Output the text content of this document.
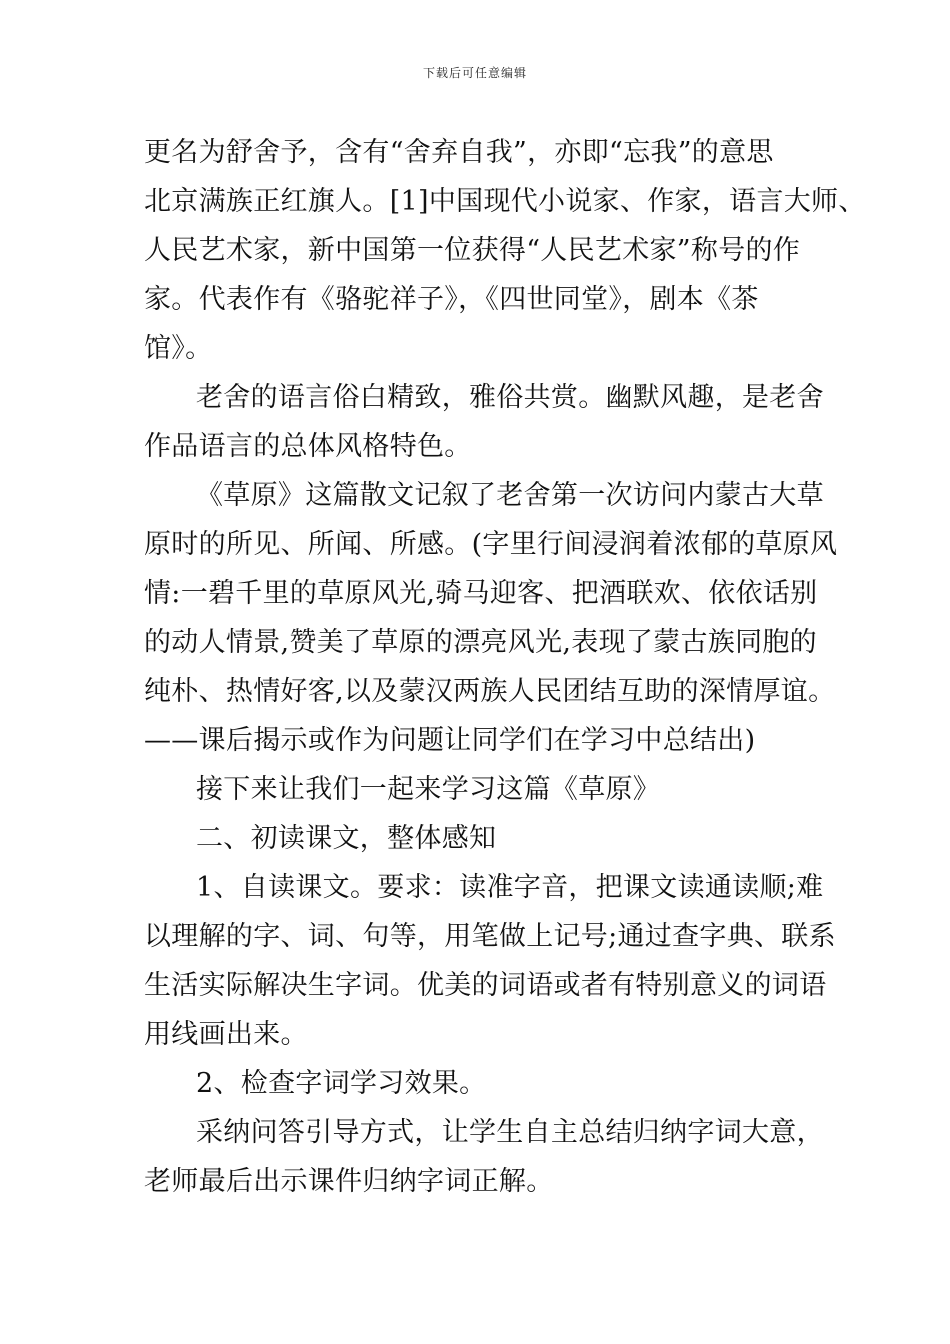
下载后可任意编辑
更名为舒舍予，含有“舍弃自我”，亦即“忘我”的意思
北京满族正红旗人。[1]中国现代小说家、作家，语言大师、
人民艺术家，新中国第一位获得“人民艺术家”称号的作
家。代表作有《骆驼祥子》，《四世同堂》，剧本《茶
馆》。
老舍的语言俗白精致，雅俗共赏。幽默风趣，是老舍
作品语言的总体风格特色。
《草原》这篇散文记叙了老舍第一次访问内蒙古大草
原时的所见、所闻、所感。(字里行间浸润着浓郁的草原风
情:一碧千里的草原风光,骑马迎客、把酒联欢、依依话别
的动人情景,赞美了草原的漂亮风光,表现了蒙古族同胞的
纯朴、热情好客,以及蒙汉两族人民团结互助的深情厚谊。
——课后揭示或作为问题让同学们在学习中总结出)
接下来让我们一起来学习这篇《草原》
二、初读课文，整体感知
1、自读课文。要求：读准字音，把课文读通读顺;难
以理解的字、词、句等，用笔做上记号;通过查字典、联系
生活实际解决生字词。优美的词语或者有特别意义的词语
用线画出来。
2、检查字词学习效果。
采纳问答引导方式，让学生自主总结归纳字词大意，
老师最后出示课件归纳字词正解。
